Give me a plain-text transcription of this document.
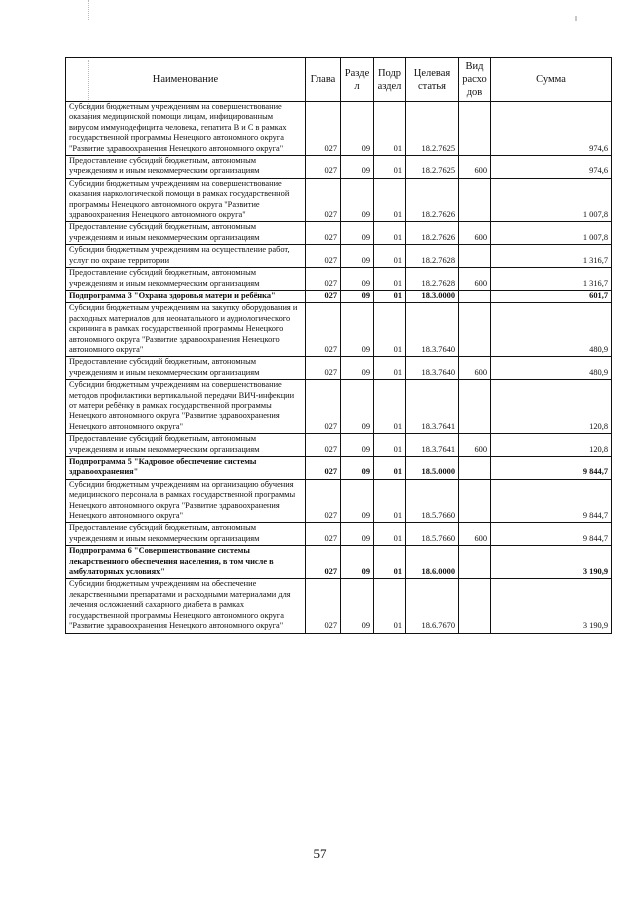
Наименование	Глава	Разде л	Подр аздел	Целевая статья	Вид расхо дов	Сумма
Субсидии бюджетным учреждениям на совершенствование оказания медицинской помощи лицам, инфицированным вирусом иммунодефицита человека, гепатита В и С в рамках государственной программы Ненецкого автономного округа "Развитие здравоохранения Ненецкого автономного округа"	027	09	01	18.2.7625		974,6
Предоставление субсидий бюджетным, автономным учреждениям и иным некоммерческим организациям	027	09	01	18.2.7625	600	974,6
Субсидии бюджетным учреждениям на совершенствование оказания наркологической помощи в рамках государственной программы Ненецкого автономного округа "Развитие здравоохранения Ненецкого автономного округа"	027	09	01	18.2.7626		1 007,8
Предоставление субсидий бюджетным, автономным учреждениям и иным некоммерческим организациям	027	09	01	18.2.7626	600	1 007,8
Субсидии бюджетным учреждениям на осуществление работ, услуг по охране территории	027	09	01	18.2.7628		1 316,7
Предоставление субсидий бюджетным, автономным учреждениям и иным некоммерческим организациям	027	09	01	18.2.7628	600	1 316,7
Подпрограмма 3 "Охрана здоровья матери и ребёнка"	027	09	01	18.3.0000		601,7
Субсидии бюджетным учреждениям на закупку оборудования и расходных материалов для неонатального и аудиологического скрининга в рамках государственной программы Ненецкого автономного округа "Развитие здравоохранения Ненецкого автономного округа"	027	09	01	18.3.7640		480,9
Предоставление субсидий бюджетным, автономным учреждениям и иным некоммерческим организациям	027	09	01	18.3.7640	600	480,9
Субсидии бюджетным учреждениям на совершенствование методов профилактики вертикальной передачи ВИЧ-инфекции от матери ребёнку в рамках государственной программы Ненецкого автономного округа "Развитие здравоохранения Ненецкого автономного округа"	027	09	01	18.3.7641		120,8
Предоставление субсидий бюджетным, автономным учреждениям и иным некоммерческим организациям	027	09	01	18.3.7641	600	120,8
Подпрограмма 5 "Кадровое обеспечение системы здравоохранения"	027	09	01	18.5.0000		9 844,7
Субсидии бюджетным учреждениям на организацию обучения медицинского персонала в рамках государственной программы Ненецкого автономного округа "Развитие здравоохранения Ненецкого автономного округа"	027	09	01	18.5.7660		9 844,7
Предоставление субсидий бюджетным, автономным учреждениям и иным некоммерческим организациям	027	09	01	18.5.7660	600	9 844,7
Подпрограмма 6 "Совершенствование системы лекарственного обеспечения населения, в том числе в амбулаторных условиях"	027	09	01	18.6.0000		3 190,9
Субсидии бюджетным учреждениям на обеспечение лекарственными препаратами и расходными материалами для лечения осложнений сахарного диабета в рамках государственной программы Ненецкого автономного округа "Развитие здравоохранения Ненецкого автономного округа"	027	09	01	18.6.7670		3 190,9
57
